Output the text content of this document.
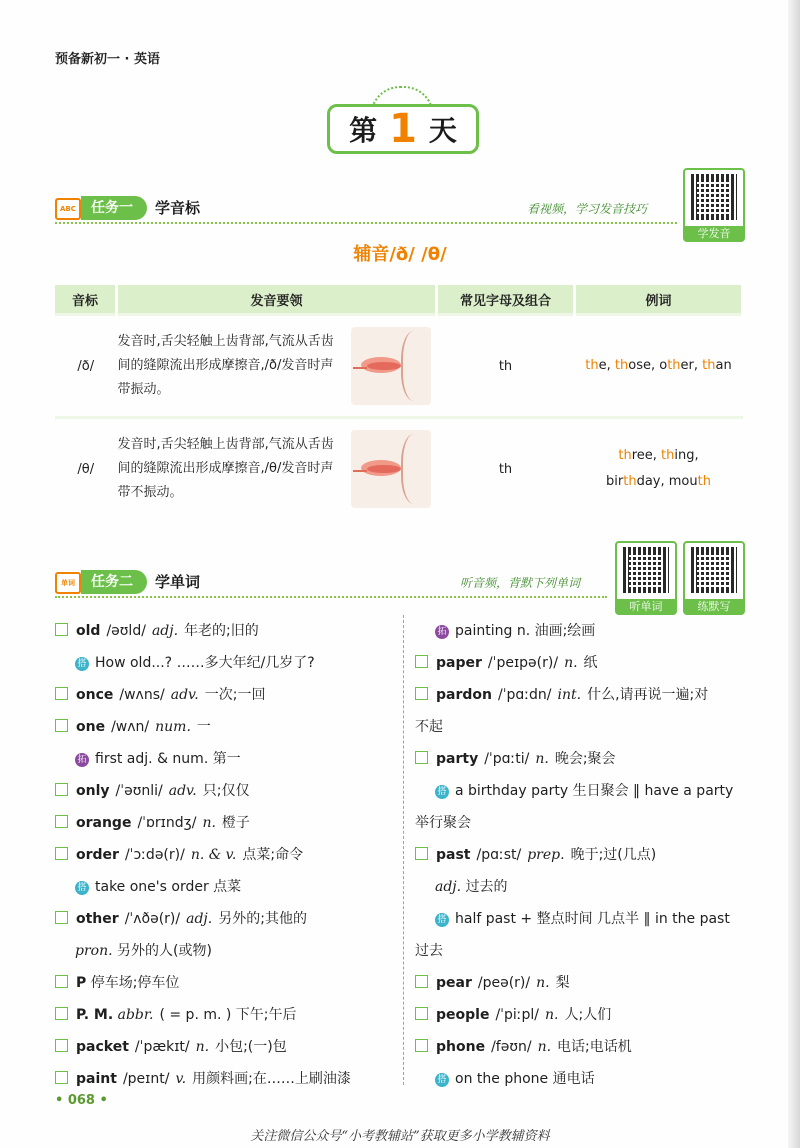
预备新初一 · 英语
第 1 天
ABC	任务一	学音标	看视频，学习发音技巧
学发音
辅音/ð/ /θ/
音标	发音要领	常见字母及组合	例词
/ð/	发音时,舌尖轻触上齿背部,气流从舌齿间的缝隙流出形成摩擦音,/ð/发音时声带振动。	th	the, those, other, than
/θ/	发音时,舌尖轻触上齿背部,气流从舌齿间的缝隙流出形成摩擦音,/θ/发音时声带不振动。	th	three, thing,
birthday, mouth
单词	任务二	学单词	听音频，背默下列单词
听单词	练默写
old /əʊld/ adj. 年老的;旧的
搭 How old...? ……多大年纪/几岁了?
once /wʌns/ adv. 一次;一回
one /wʌn/ num. 一
拓 first adj. & num. 第一
only /ˈəʊnli/ adv. 只;仅仅
orange /ˈɒrɪndʒ/ n. 橙子
order /ˈɔːdə(r)/ n. & v. 点菜;命令
搭 take one's order 点菜
other /ˈʌðə(r)/ adj. 另外的;其他的
pron. 另外的人(或物)
P 停车场;停车位
P. M. abbr. ( = p. m. ) 下午;午后
packet /ˈpækɪt/ n. 小包;(一)包
paint /peɪnt/ v. 用颜料画;在……上刷油漆
拓 painting n. 油画;绘画
paper /ˈpeɪpə(r)/ n. 纸
pardon /ˈpɑːdn/ int. 什么,请再说一遍;对
不起
party /ˈpɑːti/ n. 晚会;聚会
搭 a birthday party 生日聚会 ‖ have a party
举行聚会
past /pɑːst/ prep. 晚于;过(几点)
adj. 过去的
搭 half past + 整点时间 几点半 ‖ in the past
过去
pear /peə(r)/ n. 梨
people /ˈpiːpl/ n. 人;人们
phone /fəʊn/ n. 电话;电话机
搭 on the phone 通电话
• 068 •
关注微信公众号“小考教辅站”获取更多小学教辅资料
